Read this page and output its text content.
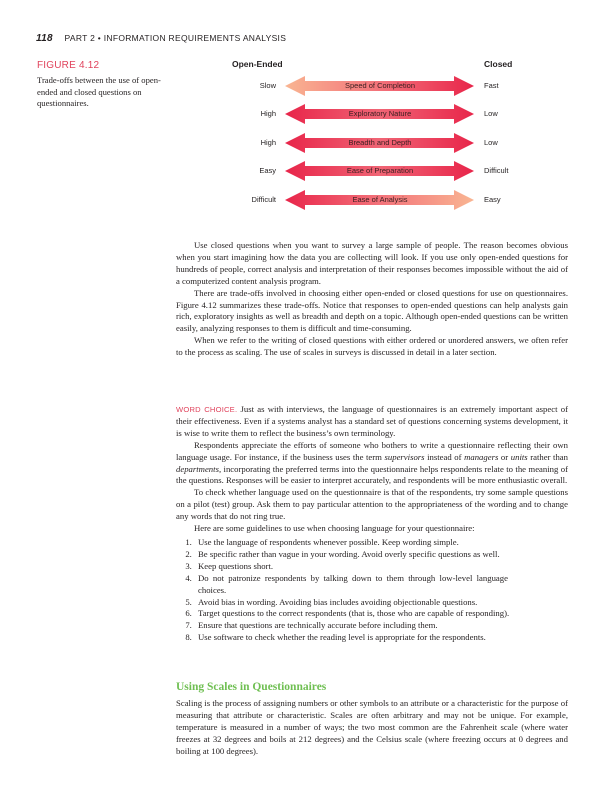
118 PART 2 • INFORMATION REQUIREMENTS ANALYSIS
FIGURE 4.12
Trade-offs between the use of open-ended and closed questions on questionnaires.
Open-Ended	Closed
Slow	Speed of Completion	Fast
High	Exploratory Nature	Low
High	Breadth and Depth	Low
Easy	Ease of Preparation	Difficult
Difficult	Ease of Analysis	Easy

Use closed questions when you want to survey a large sample of people. The reason becomes obvious when you start imagining how the data you are collecting will look. If you use only open-ended questions for hundreds of people, correct analysis and interpretation of their responses becomes impossible without the aid of a computerized content analysis program.

There are trade-offs involved in choosing either open-ended or closed questions for use on questionnaires. Figure 4.12 summarizes these trade-offs. Notice that responses to open-ended questions can help analysts gain rich, exploratory insights as well as breadth and depth on a topic. Although open-ended questions can be written easily, analyzing responses to them is difficult and time-consuming.

When we refer to the writing of closed questions with either ordered or unordered answers, we often refer to the process as scaling. The use of scales in surveys is discussed in detail in a later section.

WORD CHOICE. Just as with interviews, the language of questionnaires is an extremely important aspect of their effectiveness. Even if a systems analyst has a standard set of questions concerning systems development, it is wise to write them to reflect the business’s own terminology.

Respondents appreciate the efforts of someone who bothers to write a questionnaire reflecting their own language usage. For instance, if the business uses the term supervisors instead of managers or units rather than departments, incorporating the preferred terms into the questionnaire helps respondents relate to the meaning of the questions. Responses will be easier to interpret accurately, and respondents will be more enthusiastic overall.

To check whether language used on the questionnaire is that of the respondents, try some sample questions on a pilot (test) group. Ask them to pay particular attention to the appropriateness of the wording and to change any words that do not ring true.

Here are some guidelines to use when choosing language for your questionnaire:

1. Use the language of respondents whenever possible. Keep wording simple.
2. Be specific rather than vague in your wording. Avoid overly specific questions as well.
3. Keep questions short.
4. Do not patronize respondents by talking down to them through low-level language choices.
5. Avoid bias in wording. Avoiding bias includes avoiding objectionable questions.
6. Target questions to the correct respondents (that is, those who are capable of responding).
7. Ensure that questions are technically accurate before including them.
8. Use software to check whether the reading level is appropriate for the respondents.
Using Scales in Questionnaires

Scaling is the process of assigning numbers or other symbols to an attribute or a characteristic for the purpose of measuring that attribute or characteristic. Scales are often arbitrary and may not be unique. For example, temperature is measured in a number of ways; the two most common are the Fahrenheit scale (where water freezes at 32 degrees and boils at 212 degrees) and the Celsius scale (where freezing occurs at 0 degrees and boiling at 100 degrees).
